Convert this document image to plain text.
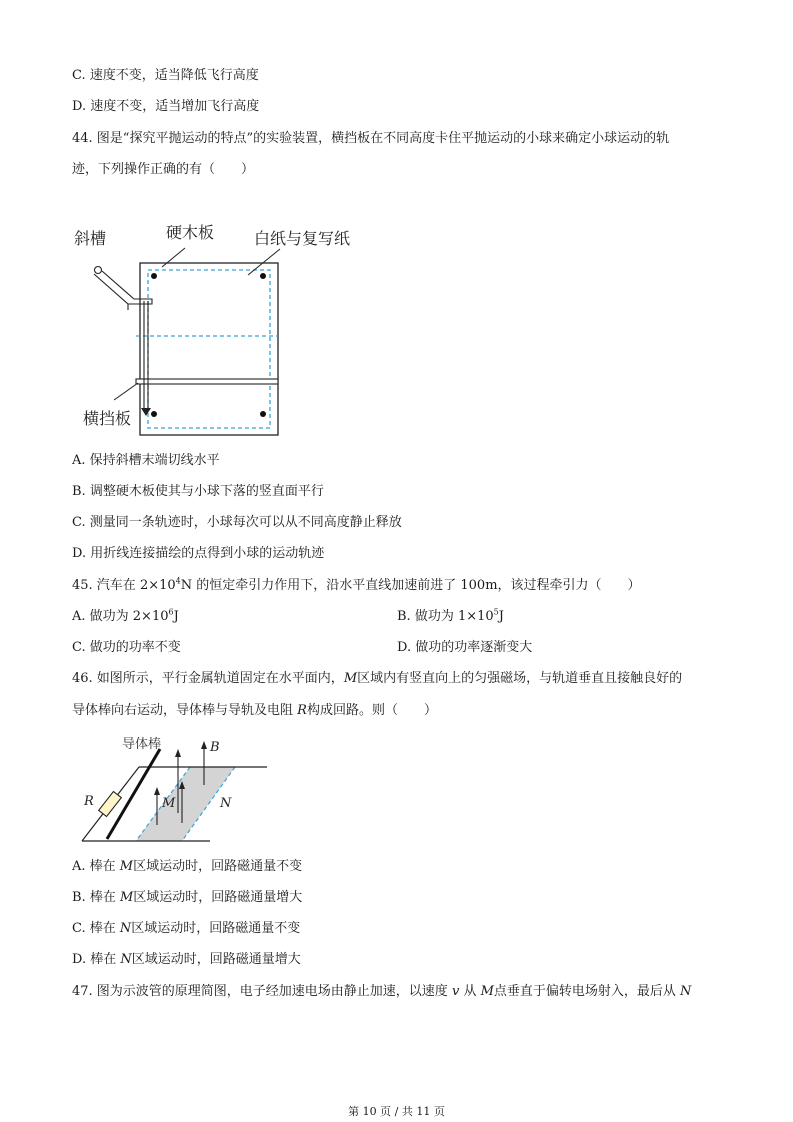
C. 速度不变，适当降低飞行高度
D. 速度不变，适当增加飞行高度
44. 图是“探究平抛运动的特点”的实验装置，横挡板在不同高度卡住平抛运动的小球来确定小球运动的轨
迹，下列操作正确的有（　　）
斜槽	硬木板 白纸与复写纸
横挡板
A. 保持斜槽末端切线水平
B. 调整硬木板使其与小球下落的竖直面平行
C. 测量同一条轨迹时，小球每次可以从不同高度静止释放
D. 用折线连接描绘的点得到小球的运动轨迹
45. 汽车在 $2\times 10^4N$ 的恒定牵引力作用下，沿水平直线加速前进了 100m，该过程牵引力（　　）
A. 做功为 $2\times 10^6J$	B. 做功为 $1\times 10^5J$
C. 做功的功率不变	D. 做功的功率逐渐变大
46. 如图所示，平行金属轨道固定在水平面内，M区域内有竖直向上的匀强磁场，与轨道垂直且接触良好的
导体棒向右运动，导体棒与导轨及电阻 R构成回路。则（　　）
导体棒	B
R	M	N
A. 棒在 M区域运动时，回路磁通量不变
B. 棒在 M区域运动时，回路磁通量增大
C. 棒在 N区域运动时，回路磁通量不变
D. 棒在 N区域运动时，回路磁通量增大
47. 图为示波管的原理简图，电子经加速电场由静止加速，以速度 v 从 M点垂直于偏转电场射入，最后从 N
第 10 页 / 共 11 页
